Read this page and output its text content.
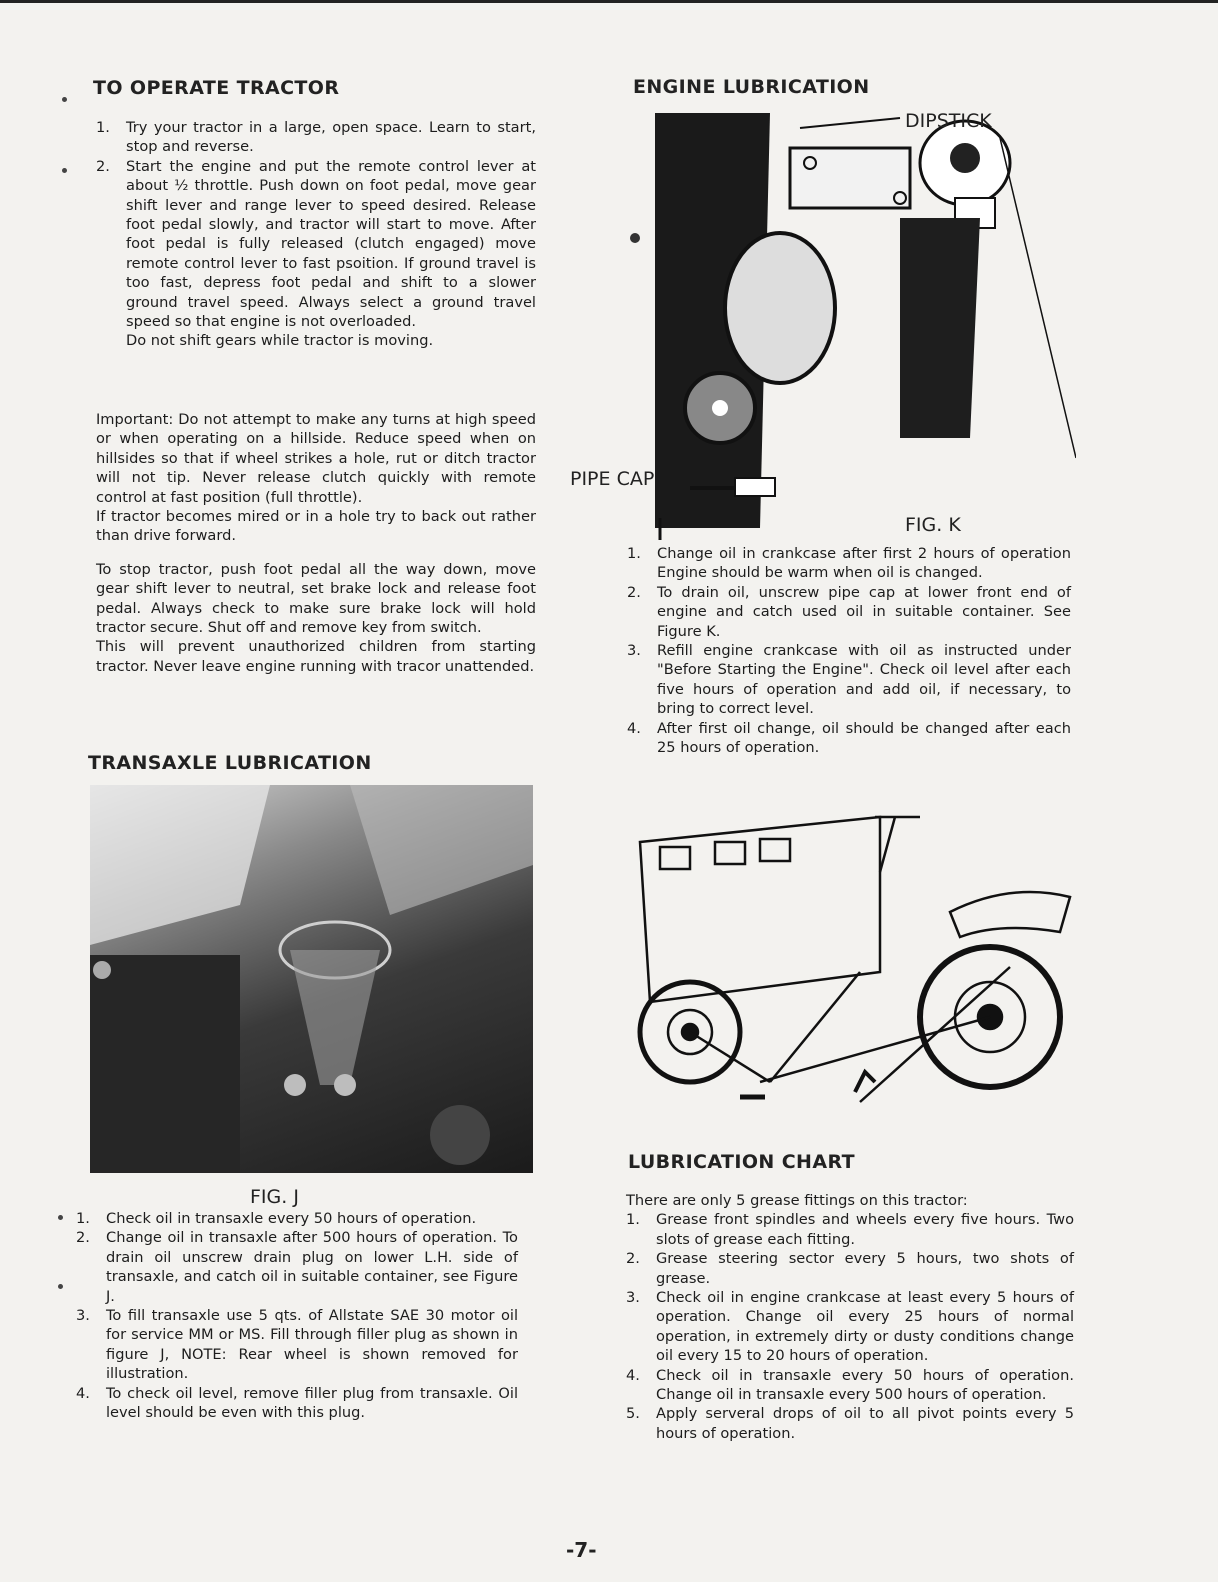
TO OPERATE TRACTOR
1. Try your tractor in a large, open space. Learn to start, stop and reverse.
2. Start the engine and put the remote control lever at about ½ throttle. Push down on foot pedal, move gear shift lever and range lever to speed desired. Release foot pedal slowly, and tractor will start to move. After foot pedal is fully released (clutch engaged) move remote control lever to fast psoition. If ground travel is too fast, depress foot pedal and shift to a slower ground travel speed. Always select a ground travel speed so that engine is not overloaded.
Do not shift gears while tractor is moving.

Important: Do not attempt to make any turns at high speed or when operating on a hillside. Reduce speed when on hillsides so that if wheel strikes a hole, rut or ditch tractor will not tip. Never release clutch quickly with remote control at fast position (full throttle).

If tractor becomes mired or in a hole try to back out rather than drive forward.

To stop tractor, push foot pedal all the way down, move gear shift lever to neutral, set brake lock and release foot pedal. Always check to make sure brake lock will hold tractor secure. Shut off and remove key from switch.

This will prevent unauthorized children from starting tractor. Never leave engine running with tracor unattended.

TRANSAXLE LUBRICATION
FIG. J
1. Check oil in transaxle every 50 hours of operation.
2. Change oil in transaxle after 500 hours of operation. To drain oil unscrew drain plug on lower L.H. side of transaxle, and catch oil in suitable container, see Figure J.
3. To fill transaxle use 5 qts. of Allstate SAE 30 motor oil for service MM or MS. Fill through filler plug as shown in figure J, NOTE: Rear wheel is shown removed for illustration.
4. To check oil level, remove filler plug from transaxle. Oil level should be even with this plug.
ENGINE LUBRICATION
DIPSTICK
PIPE CAP
FIG. K
1. Change oil in crankcase after first 2 hours of operation Engine should be warm when oil is changed.
2. To drain oil, unscrew pipe cap at lower front end of engine and catch used oil in suitable container. See Figure K.
3. Refill engine crankcase with oil as instructed under "Before Starting the Engine". Check oil level after each five hours of operation and add oil, if necessary, to bring to correct level.
4. After first oil change, oil should be changed after each 25 hours of operation.
LUBRICATION CHART

There are only 5 grease fittings on this tractor:

1. Grease front spindles and wheels every five hours. Two slots of grease each fitting.
2. Grease steering sector every 5 hours, two shots of grease.
3. Check oil in engine crankcase at least every 5 hours of operation. Change oil every 25 hours of normal operation, in extremely dirty or dusty conditions change oil every 15 to 20 hours of operation.
4. Check oil in transaxle every 50 hours of operation. Change oil in transaxle every 500 hours of operation.
5. Apply serveral drops of oil to all pivot points every 5 hours of operation.
-7-
